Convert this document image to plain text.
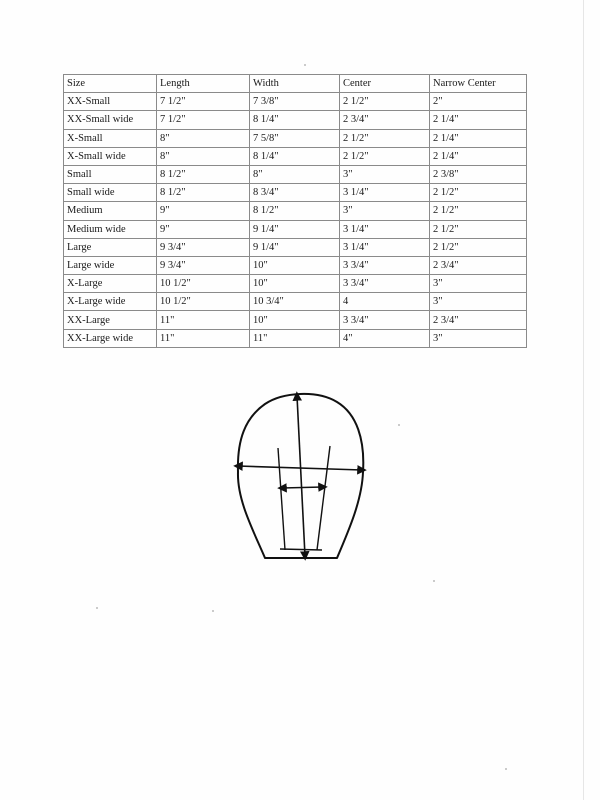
Size	Length	Width	Center	Narrow Center
XX-Small	7 1/2"	7 3/8"	2 1/2"	2"
XX-Small wide	7 1/2"	8 1/4"	2 3/4"	2 1/4"
X-Small	8"	7 5/8"	2 1/2"	2 1/4"
X-Small wide	8"	8 1/4"	2 1/2"	2 1/4"
Small	8 1/2"	8"	3"	2 3/8"
Small wide	8 1/2"	8 3/4"	3 1/4"	2 1/2"
Medium	9"	8 1/2"	3"	2 1/2"
Medium wide	9"	9 1/4"	3 1/4"	2 1/2"
Large	9 3/4"	9 1/4"	3 1/4"	2 1/2"
Large wide	9 3/4"	10"	3 3/4"	2 3/4"
X-Large	10 1/2"	10"	3 3/4"	3"
X-Large wide	10 1/2"	10 3/4"	4	3"
XX-Large	11"	10"	3 3/4"	2 3/4"
XX-Large wide	11"	11"	4"	3"
